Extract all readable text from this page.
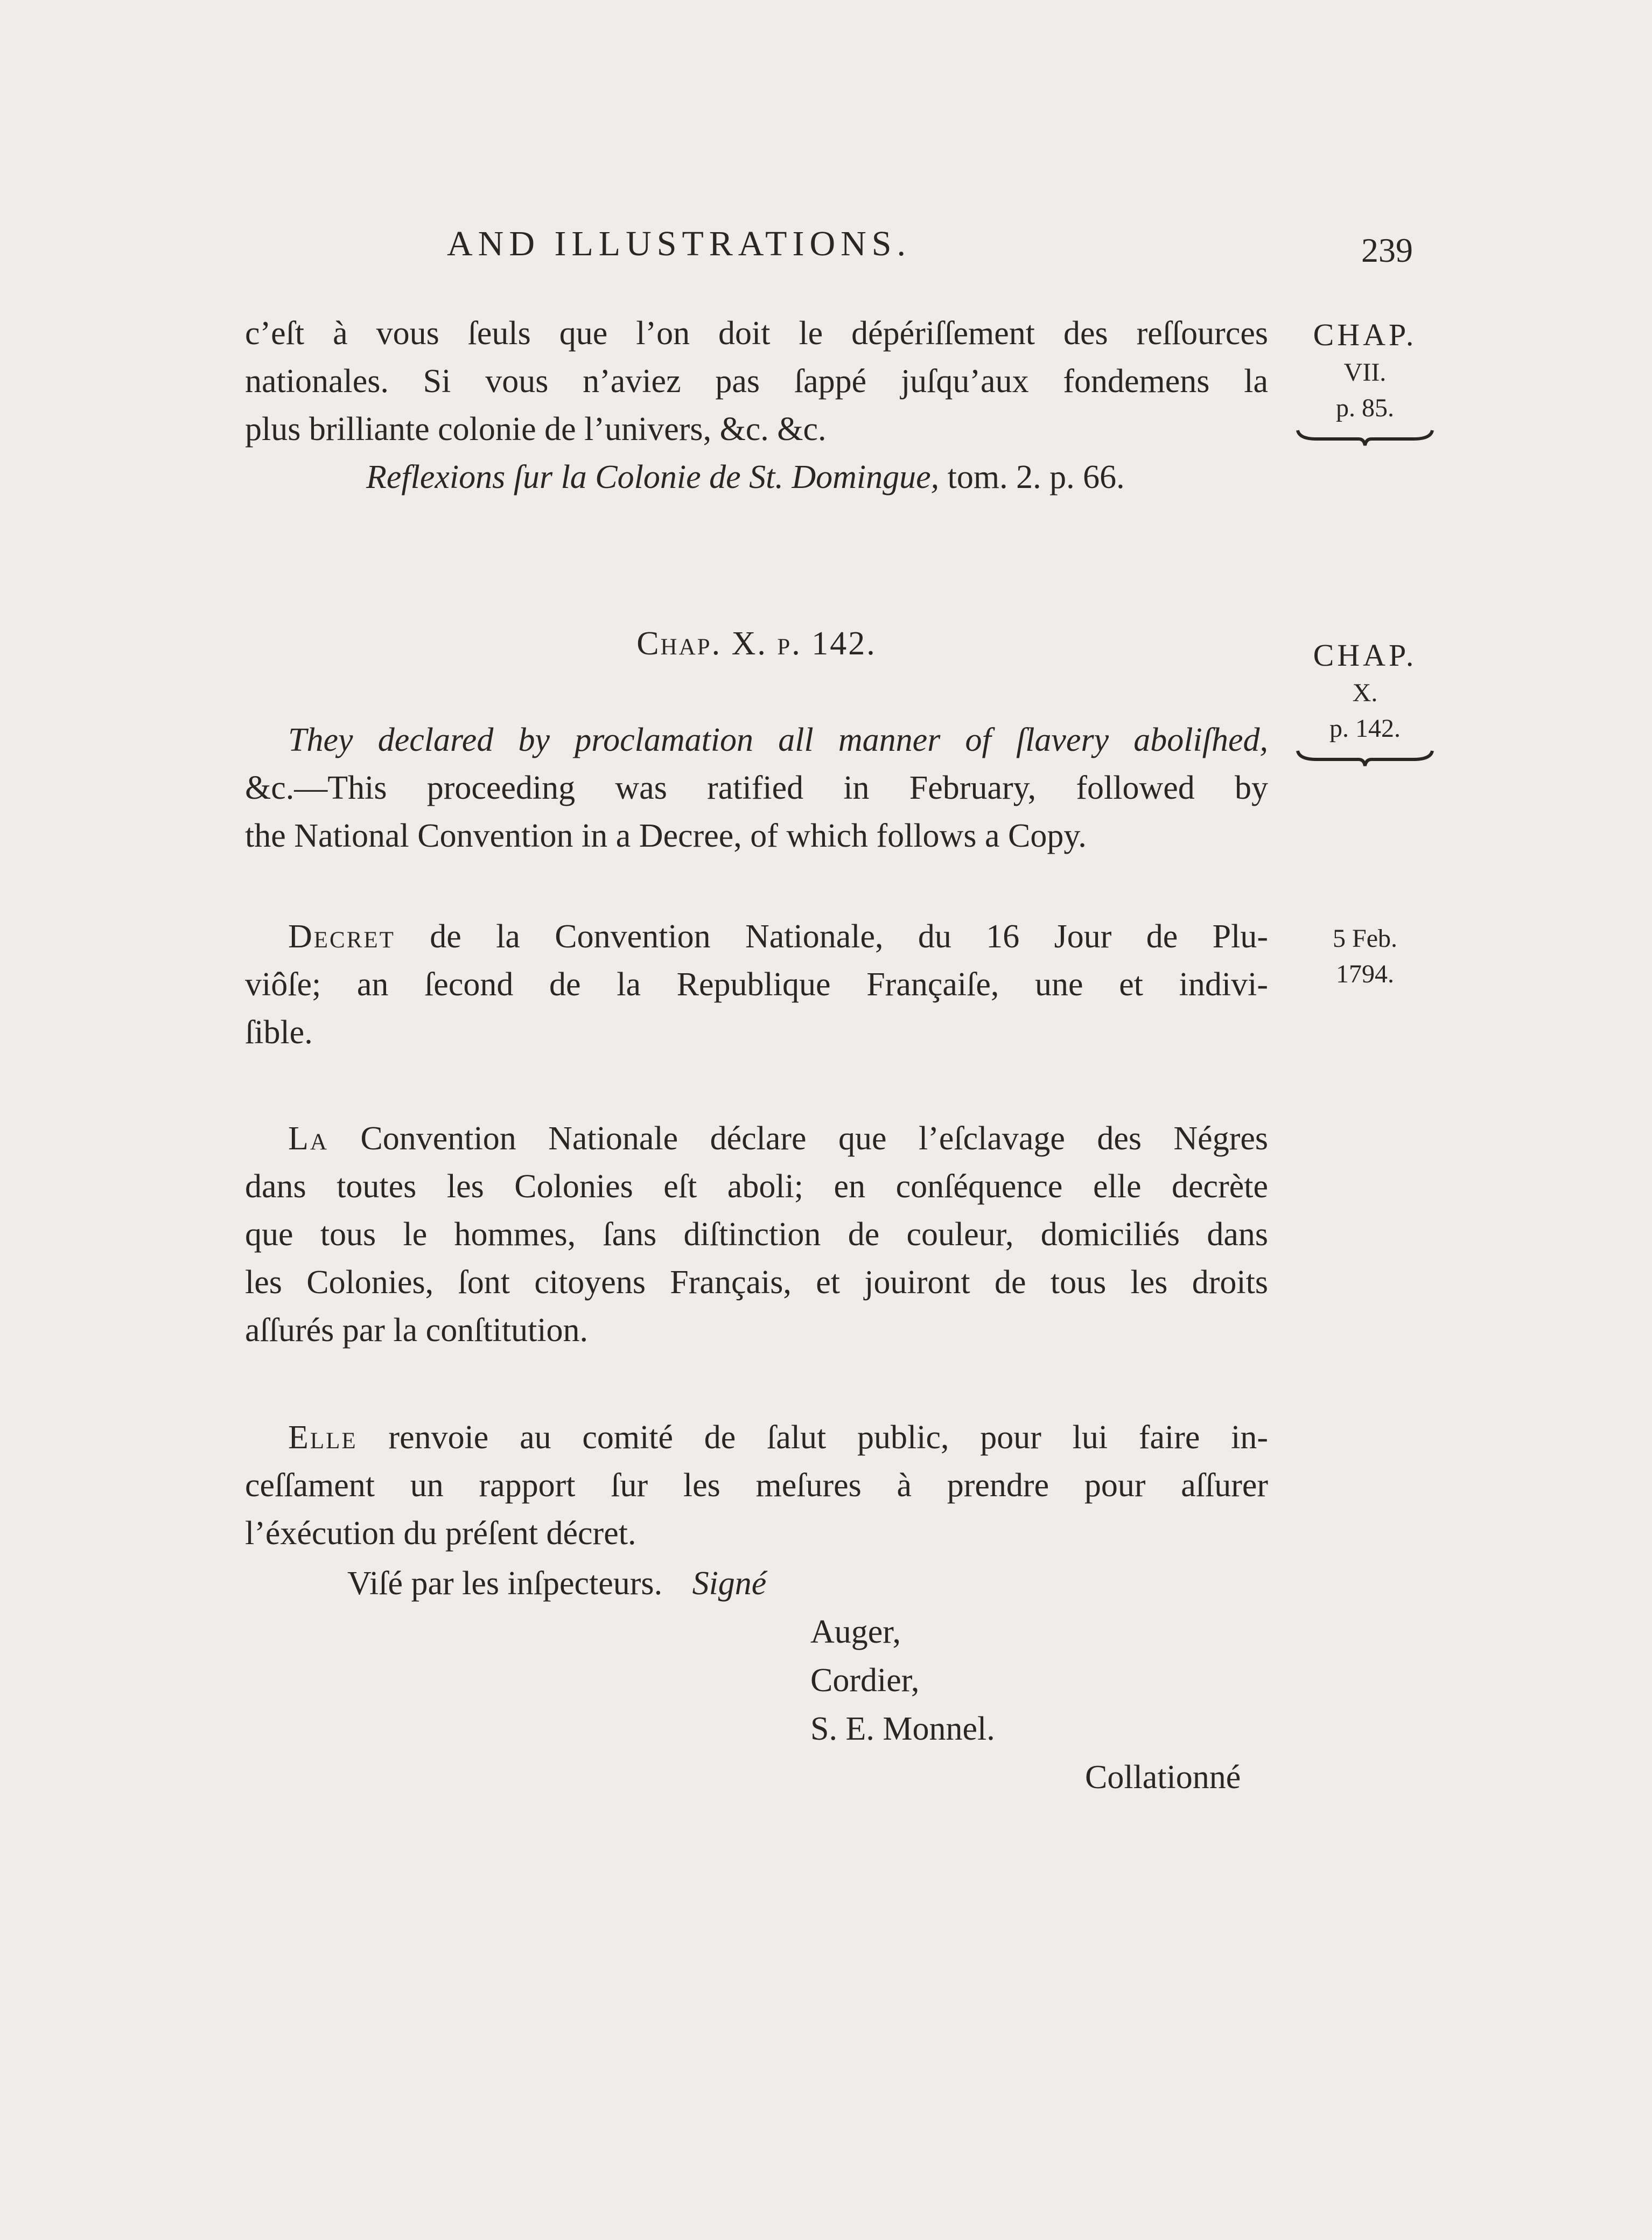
AND ILLUSTRATIONS.	239
c’eſt à vous ſeuls que l’on doit le dépériſſement des reſſources
nationales. Si vous n’aviez pas ſappé juſqu’aux fondemens la
plus brilliante colonie de l’univers, &c. &c.
Reflexions ſur la Colonie de St. Domingue, tom. 2. p. 66.
CHAP.
VII.
p. 85.
Chap. X. p. 142.	CHAP.
X.
p. 142.
They declared by proclamation all manner of ſlavery aboliſhed,
&c.—This proceeding was ratified in February, followed by
the National Convention in a Decree, of which follows a Copy.
Decret de la Convention Nationale, du 16 Jour de Plu-
viôſe; an ſecond de la Republique Françaiſe, une et indivi-
ſible.
5 Feb.
1794.
La Convention Nationale déclare que l’eſclavage des Négres
dans toutes les Colonies eſt aboli; en conſéquence elle decrète
que tous le hommes, ſans diſtinction de couleur, domiciliés dans
les Colonies, ſont citoyens Français, et jouiront de tous les droits
aſſurés par la conſtitution.
Elle renvoie au comité de ſalut public, pour lui faire in-
ceſſament un rapport ſur les meſures à prendre pour aſſurer
l’éxécution du préſent décret.
Viſé par les inſpecteurs. Signé
Auger,
Cordier,
S. E. Monnel.
Collationné
